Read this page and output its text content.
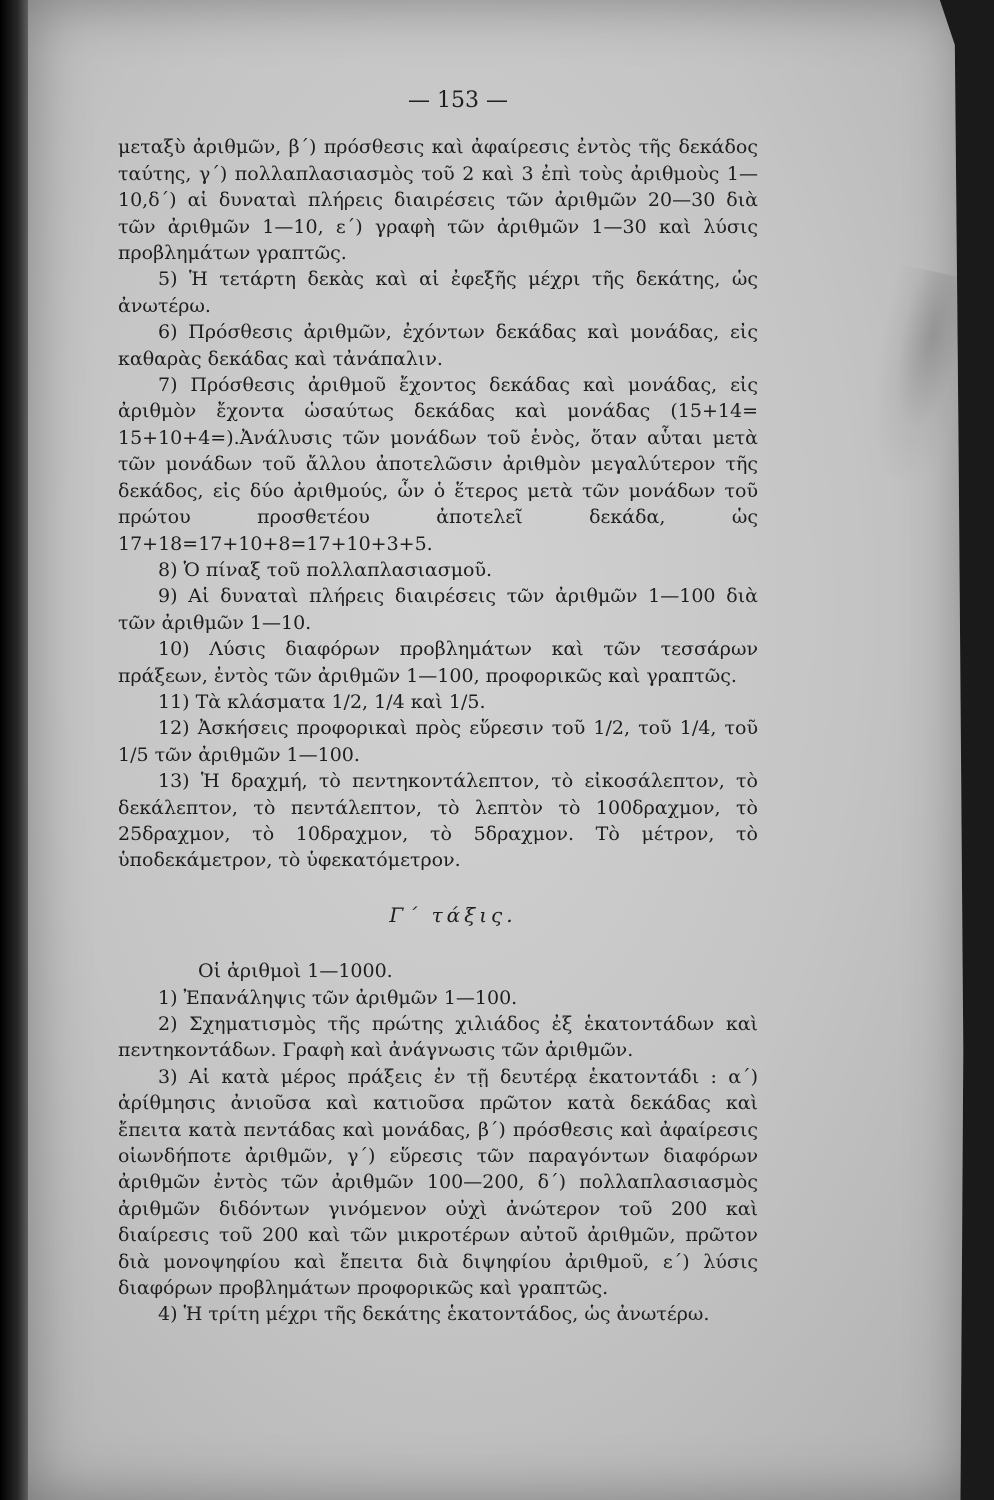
— 153 —

μεταξὺ ἀριθμῶν, β΄) πρόσθεσις καὶ ἀφαίρεσις ἐντὸς τῆς δεκάδος ταύτης, γ΄) πολλαπλασιασμὸς τοῦ 2 καὶ 3 ἐπὶ τοὺς ἀριθμοὺς 1—10,δ΄) αἱ δυναταὶ πλήρεις διαιρέσεις τῶν ἀριθμῶν 20—30 διὰ τῶν ἀριθμῶν 1—10, ε΄) γραφὴ τῶν ἀριθμῶν 1—30 καὶ λύσις προβλημάτων γραπτῶς.

5) Ἡ τετάρτη δεκὰς καὶ αἱ ἐφεξῆς μέχρι τῆς δεκάτης, ὡς ἀνωτέρω.

6) Πρόσθεσις ἀριθμῶν, ἐχόντων δεκάδας καὶ μονάδας, εἰς καθαρὰς δεκάδας καὶ τἀνάπαλιν.

7) Πρόσθεσις ἀριθμοῦ ἔχοντος δεκάδας καὶ μονάδας, εἰς ἀριθμὸν ἔχοντα ὡσαύτως δεκάδας καὶ μονάδας (15+14= 15+10+4=).Ἀνάλυσις τῶν μονάδων τοῦ ἑνὸς, ὅταν αὗται μετὰ τῶν μονάδων τοῦ ἄλλου ἀποτελῶσιν ἀριθμὸν μεγαλύτερον τῆς δεκάδος, εἰς δύο ἀριθμούς, ὧν ὁ ἕτερος μετὰ τῶν μονάδων τοῦ πρώτου προσθετέου ἀποτελεῖ δεκάδα, ὡς 17+18=17+10+8=17+10+3+5.

8) Ὁ πίναξ τοῦ πολλαπλασιασμοῦ.

9) Αἱ δυναταὶ πλήρεις διαιρέσεις τῶν ἀριθμῶν 1—100 διὰ τῶν ἀριθμῶν 1—10.

10) Λύσις διαφόρων προβλημάτων καὶ τῶν τεσσάρων πράξεων, ἐντὸς τῶν ἀριθμῶν 1—100, προφορικῶς καὶ γραπτῶς.

11) Τὰ κλάσματα 1/2, 1/4 καὶ 1/5.

12) Ἀσκήσεις προφορικαὶ πρὸς εὕρεσιν τοῦ 1/2, τοῦ 1/4, τοῦ 1/5 τῶν ἀριθμῶν 1—100.

13) Ἡ δραχμή, τὸ πεντηκοντάλεπτον, τὸ εἰκοσάλεπτον, τὸ δεκάλεπτον, τὸ πεντάλεπτον, τὸ λεπτὸν τὸ 100δραχμον, τὸ 25δραχμον, τὸ 10δραχμον, τὸ 5δραχμον. Τὸ μέτρον, τὸ ὑποδεκάμετρον, τὸ ὑφεκατόμετρον.

Γ΄ τάξις.

Οἱ ἀριθμοὶ 1—1000.

1) Ἐπανάληψις τῶν ἀριθμῶν 1—100.

2) Σχηματισμὸς τῆς πρώτης χιλιάδος ἐξ ἑκατοντάδων καὶ πεντηκοντάδων. Γραφὴ καὶ ἀνάγνωσις τῶν ἀριθμῶν.

3) Αἱ κατὰ μέρος πράξεις ἐν τῇ δευτέρᾳ ἑκατοντάδι : α΄) ἀρίθμησις ἀνιοῦσα καὶ κατιοῦσα πρῶτον κατὰ δεκάδας καὶ ἔπειτα κατὰ πεντάδας καὶ μονάδας, β΄) πρόσθεσις καὶ ἀφαίρεσις οἱωνδήποτε ἀριθμῶν, γ΄) εὕρεσις τῶν παραγόντων διαφόρων ἀριθμῶν ἐντὸς τῶν ἀριθμῶν 100—200, δ΄) πολλαπλασιασμὸς ἀριθμῶν διδόντων γινόμενον οὐχὶ ἀνώτερον τοῦ 200 καὶ διαίρεσις τοῦ 200 καὶ τῶν μικροτέρων αὐτοῦ ἀριθμῶν, πρῶτον διὰ μονοψηφίου καὶ ἔπειτα διὰ διψηφίου ἀριθμοῦ, ε΄) λύσις διαφόρων προβλημάτων προφορικῶς καὶ γραπτῶς.

4) Ἡ τρίτη μέχρι τῆς δεκάτης ἑκατοντάδος, ὡς ἀνωτέρω.
